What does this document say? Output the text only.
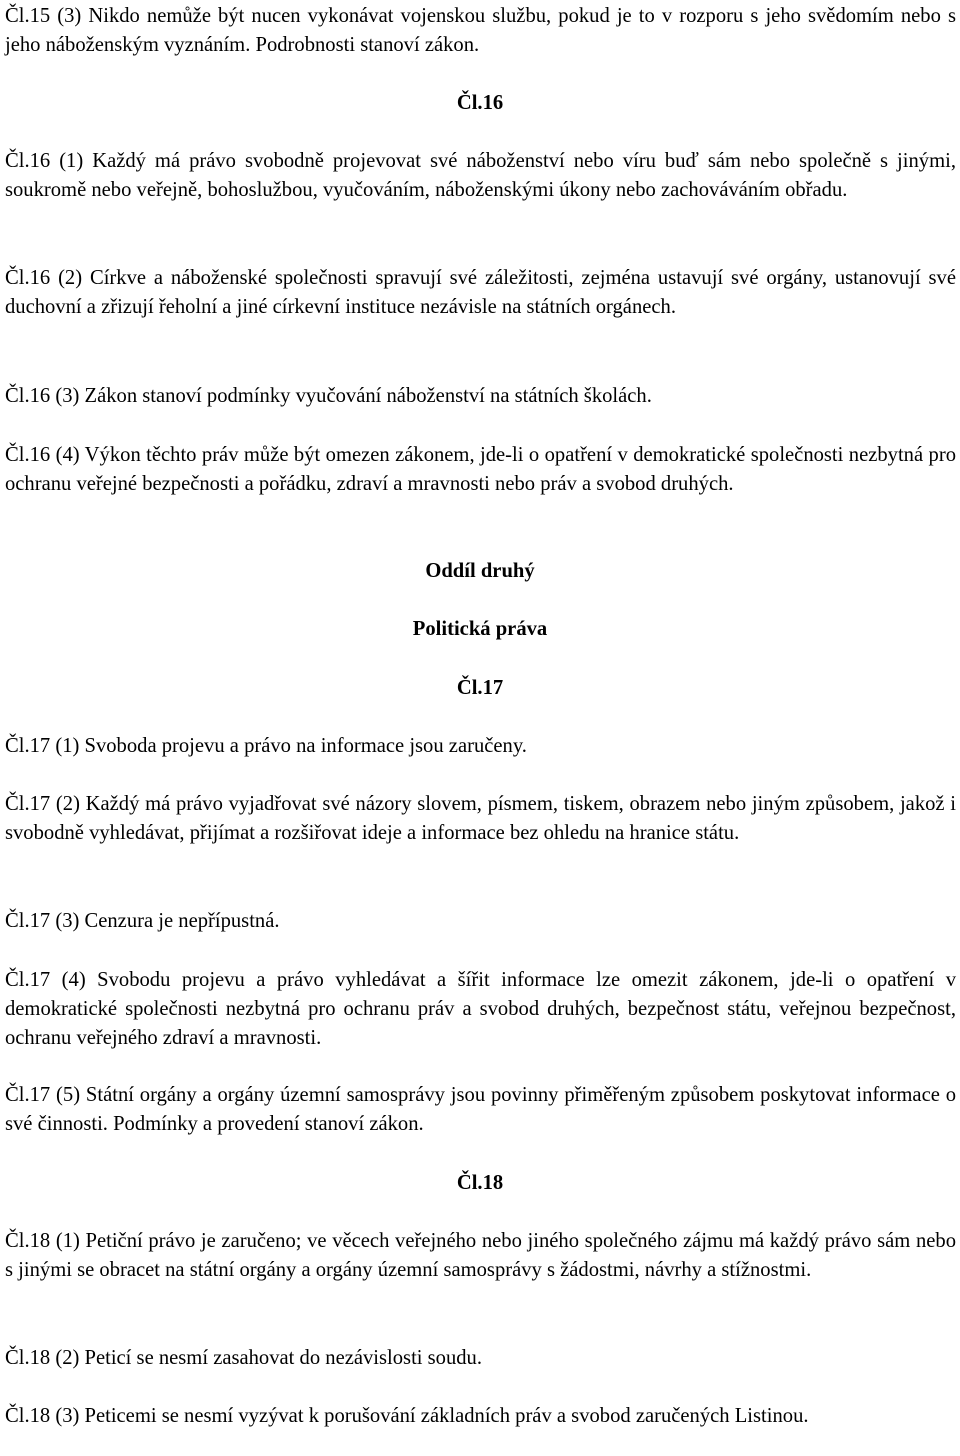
Čl.15 (3) Nikdo nemůže být nucen vykonávat vojenskou službu, pokud je to v rozporu s jeho svědomím nebo s jeho náboženským vyznáním. Podrobnosti stanoví zákon.

Čl.16

Čl.16 (1) Každý má právo svobodně projevovat své náboženství nebo víru buď sám nebo společně s jinými, soukromě nebo veřejně, bohoslužbou, vyučováním, náboženskými úkony nebo zachováváním obřadu.

Čl.16 (2) Církve a náboženské společnosti spravují své záležitosti, zejména ustavují své orgány, ustanovují své duchovní a zřizují řeholní a jiné církevní instituce nezávisle na státních orgánech.

Čl.16 (3) Zákon stanoví podmínky vyučování náboženství na státních školách.

Čl.16 (4) Výkon těchto práv může být omezen zákonem, jde-li o opatření v demokratické společnosti nezbytná pro ochranu veřejné bezpečnosti a pořádku, zdraví a mravnosti nebo práv a svobod druhých.

Oddíl druhý

Politická práva

Čl.17

Čl.17 (1) Svoboda projevu a právo na informace jsou zaručeny.

Čl.17 (2) Každý má právo vyjadřovat své názory slovem, písmem, tiskem, obrazem nebo jiným způsobem, jakož i svobodně vyhledávat, přijímat a rozšiřovat ideje a informace bez ohledu na hranice státu.

Čl.17 (3) Cenzura je nepřípustná.

Čl.17 (4) Svobodu projevu a právo vyhledávat a šířit informace lze omezit zákonem, jde-li o opatření v demokratické společnosti nezbytná pro ochranu práv a svobod druhých, bezpečnost státu, veřejnou bezpečnost, ochranu veřejného zdraví a mravnosti.

Čl.17 (5) Státní orgány a orgány územní samosprávy jsou povinny přiměřeným způsobem poskytovat informace o své činnosti. Podmínky a provedení stanoví zákon.

Čl.18

Čl.18 (1) Petiční právo je zaručeno; ve věcech veřejného nebo jiného společného zájmu má každý právo sám nebo s jinými se obracet na státní orgány a orgány územní samosprávy s žádostmi, návrhy a stížnostmi.

Čl.18 (2) Peticí se nesmí zasahovat do nezávislosti soudu.

Čl.18 (3) Peticemi se nesmí vyzývat k porušování základních práv a svobod zaručených Listinou.
